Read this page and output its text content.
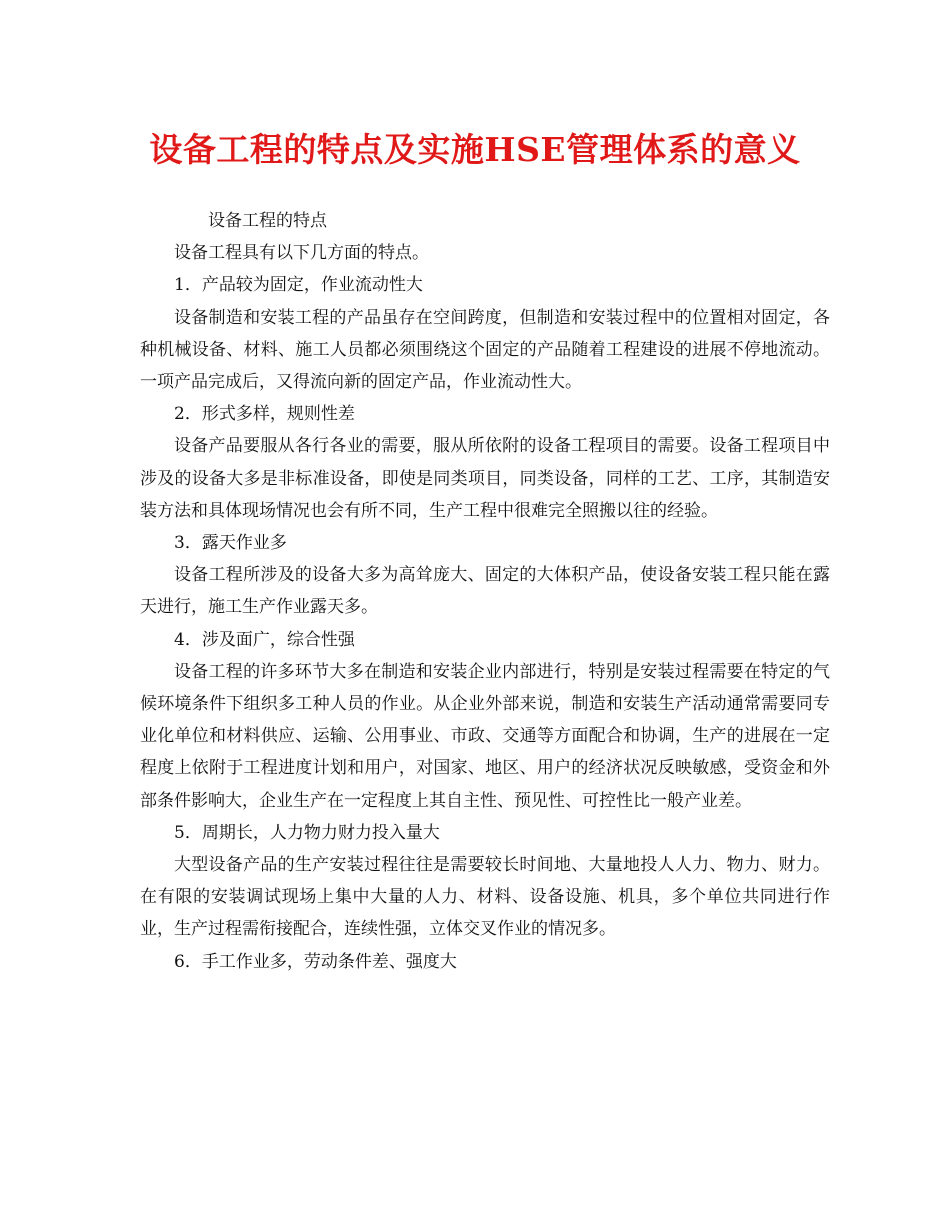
设备工程的特点及实施HSE管理体系的意义

设备工程的特点

设备工程具有以下几方面的特点。

1．产品较为固定，作业流动性大

设备制造和安装工程的产品虽存在空间跨度，但制造和安装过程中的位置相对固定，各种机械设备、材料、施工人员都必须围绕这个固定的产品随着工程建设的进展不停地流动。一项产品完成后，又得流向新的固定产品，作业流动性大。

2．形式多样，规则性差

设备产品要服从各行各业的需要，服从所依附的设备工程项目的需要。设备工程项目中涉及的设备大多是非标准设备，即使是同类项目，同类设备，同样的工艺、工序，其制造安装方法和具体现场情况也会有所不同，生产工程中很难完全照搬以往的经验。

3．露天作业多

设备工程所涉及的设备大多为高耸庞大、固定的大体积产品，使设备安装工程只能在露天进行，施工生产作业露天多。

4．涉及面广，综合性强

设备工程的许多环节大多在制造和安装企业内部进行，特别是安装过程需要在特定的气候环境条件下组织多工种人员的作业。从企业外部来说，制造和安装生产活动通常需要同专业化单位和材料供应、运输、公用事业、市政、交通等方面配合和协调，生产的进展在一定程度上依附于工程进度计划和用户，对国家、地区、用户的经济状况反映敏感，受资金和外部条件影响大，企业生产在一定程度上其自主性、预见性、可控性比一般产业差。

5．周期长，人力物力财力投入量大

大型设备产品的生产安装过程往往是需要较长时间地、大量地投人人力、物力、财力。在有限的安装调试现场上集中大量的人力、材料、设备设施、机具，多个单位共同进行作业，生产过程需衔接配合，连续性强，立体交叉作业的情况多。

6．手工作业多，劳动条件差、强度大
